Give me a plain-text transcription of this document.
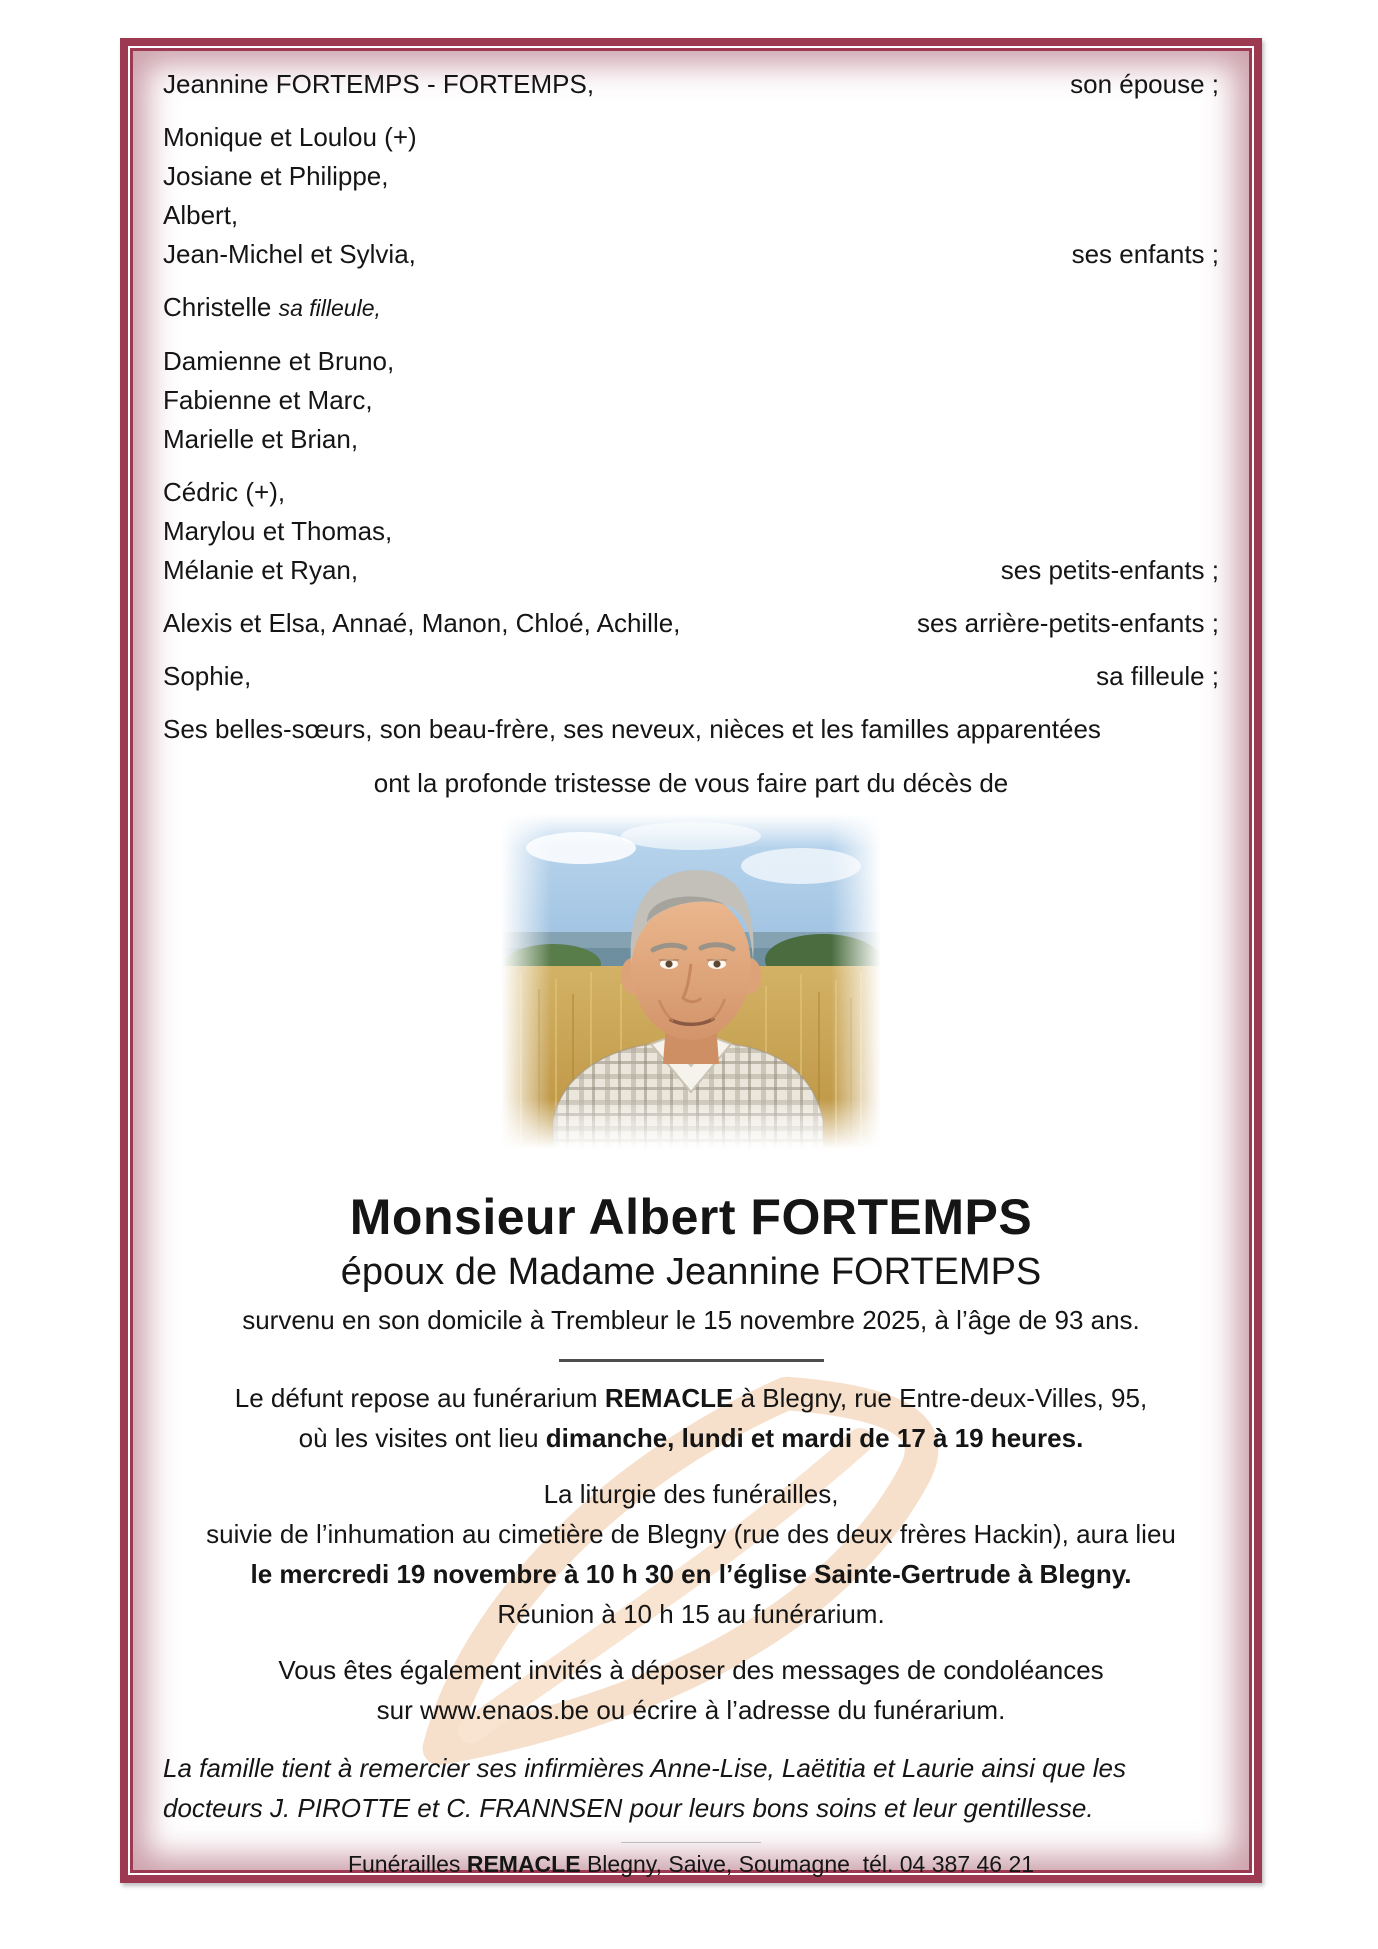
Jeannine FORTEMPS - FORTEMPS,	son épouse ;
Monique et Loulou (+)
Josiane et Philippe,
Albert,
Jean-Michel et Sylvia,	ses enfants ;
Christelle sa filleule,
Damienne et Bruno,
Fabienne et Marc,
Marielle et Brian,
Cédric (+),
Marylou et Thomas,
Mélanie et Ryan,	ses petits-enfants ;
Alexis et Elsa, Annaé, Manon, Chloé, Achille,	ses arrière-petits-enfants ;
Sophie,	sa filleule ;
Ses belles-sœurs, son beau-frère, ses neveux, nièces et les familles apparentées
ont la profonde tristesse de vous faire part du décès de
Monsieur Albert FORTEMPS
époux de Madame Jeannine FORTEMPS

survenu en son domicile à Trembleur le 15 novembre 2025, à l’âge de 93 ans.

Le défunt repose au funérarium REMACLE à Blegny, rue Entre-deux-Villes, 95,
où les visites ont lieu dimanche, lundi et mardi de 17 à 19 heures.
La liturgie des funérailles,
suivie de l’inhumation au cimetière de Blegny (rue des deux frères Hackin), aura lieu
le mercredi 19 novembre à 10 h 30 en l’église Sainte-Gertrude à Blegny.
Réunion à 10 h 15 au funérarium.
Vous êtes également invités à déposer des messages de condoléances
sur www.enaos.be ou écrire à l’adresse du funérarium.
La famille tient à remercier ses infirmières Anne-Lise, Laëtitia et Laurie ainsi que les
docteurs J. PIROTTE et C. FRANNSEN pour leurs bons soins et leur gentillesse.

Funérailles REMACLE Blegny, Saive, Soumagne  tél. 04 387 46 21
